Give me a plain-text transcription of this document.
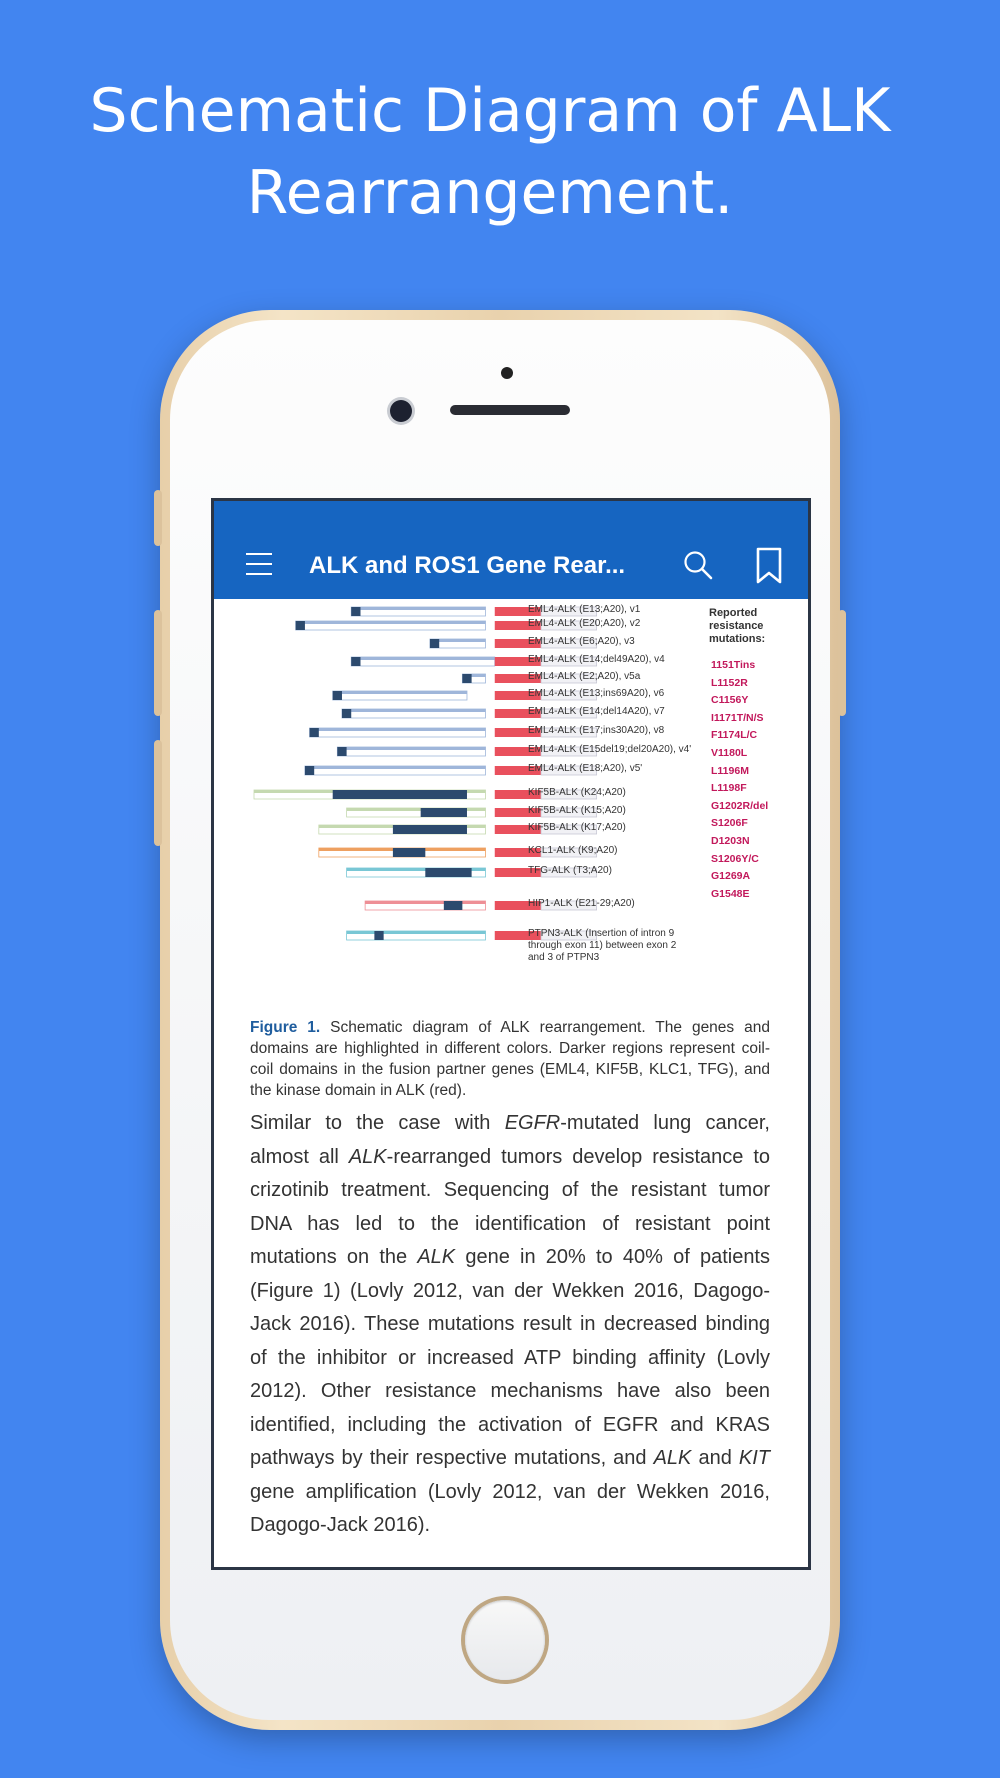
Schematic Diagram of ALK Rearrangement.
ALK and ROS1 Gene Rear...
Reported
resistance
mutations:
EML4-ALK (E13;A20), v1
EML4-ALK (E20;A20), v2
EML4-ALK (E6;A20), v3
EML4-ALK (E14;del49A20), v4
EML4-ALK (E2;A20), v5a
EML4-ALK (E13;ins69A20), v6
EML4-ALK (E14;del14A20), v7
EML4-ALK (E17;ins30A20), v8
EML4-ALK (E15del19;del20A20), v4'
EML4-ALK (E18;A20), v5'
KIF5B-ALK (K24;A20)
KIF5B-ALK (K15;A20)
KIF5B-ALK (K17;A20)
KCL1-ALK (K9;A20)
TFG-ALK (T3;A20)
HIP1-ALK (E21-29;A20)
PTPN3-ALK (Insertion of intron 9
through exon 11) between exon 2
and 3 of PTPN3
1151Tins
L1152R
C1156Y
I1171T/N/S
F1174L/C
V1180L
L1196M
L1198F
G1202R/del
S1206F
D1203N
S1206Y/C
G1269A
G1548E
Figure 1. Schematic diagram of ALK rearrangement. The genes and domains are highlighted in different colors. Darker regions represent coil-coil domains in the fusion partner genes (EML4, KIF5B, KLC1, TFG), and the kinase domain in ALK (red).

Similar to the case with EGFR-mutated lung cancer, almost all ALK-rearranged tumors develop resistance to crizotinib treatment. Sequencing of the resistant tumor DNA has led to the identification of resistant point mutations on the ALK gene in 20% to 40% of patients (Figure 1) (Lovly 2012, van der Wekken 2016, Dagogo-Jack 2016). These mutations result in decreased binding of the inhibitor or increased ATP binding affinity (Lovly 2012). Other resistance mechanisms have also been identified, including the activation of EGFR and KRAS pathways by their respective mutations, and ALK and KIT gene amplification (Lovly 2012, van der Wekken 2016, Dagogo-Jack 2016).
